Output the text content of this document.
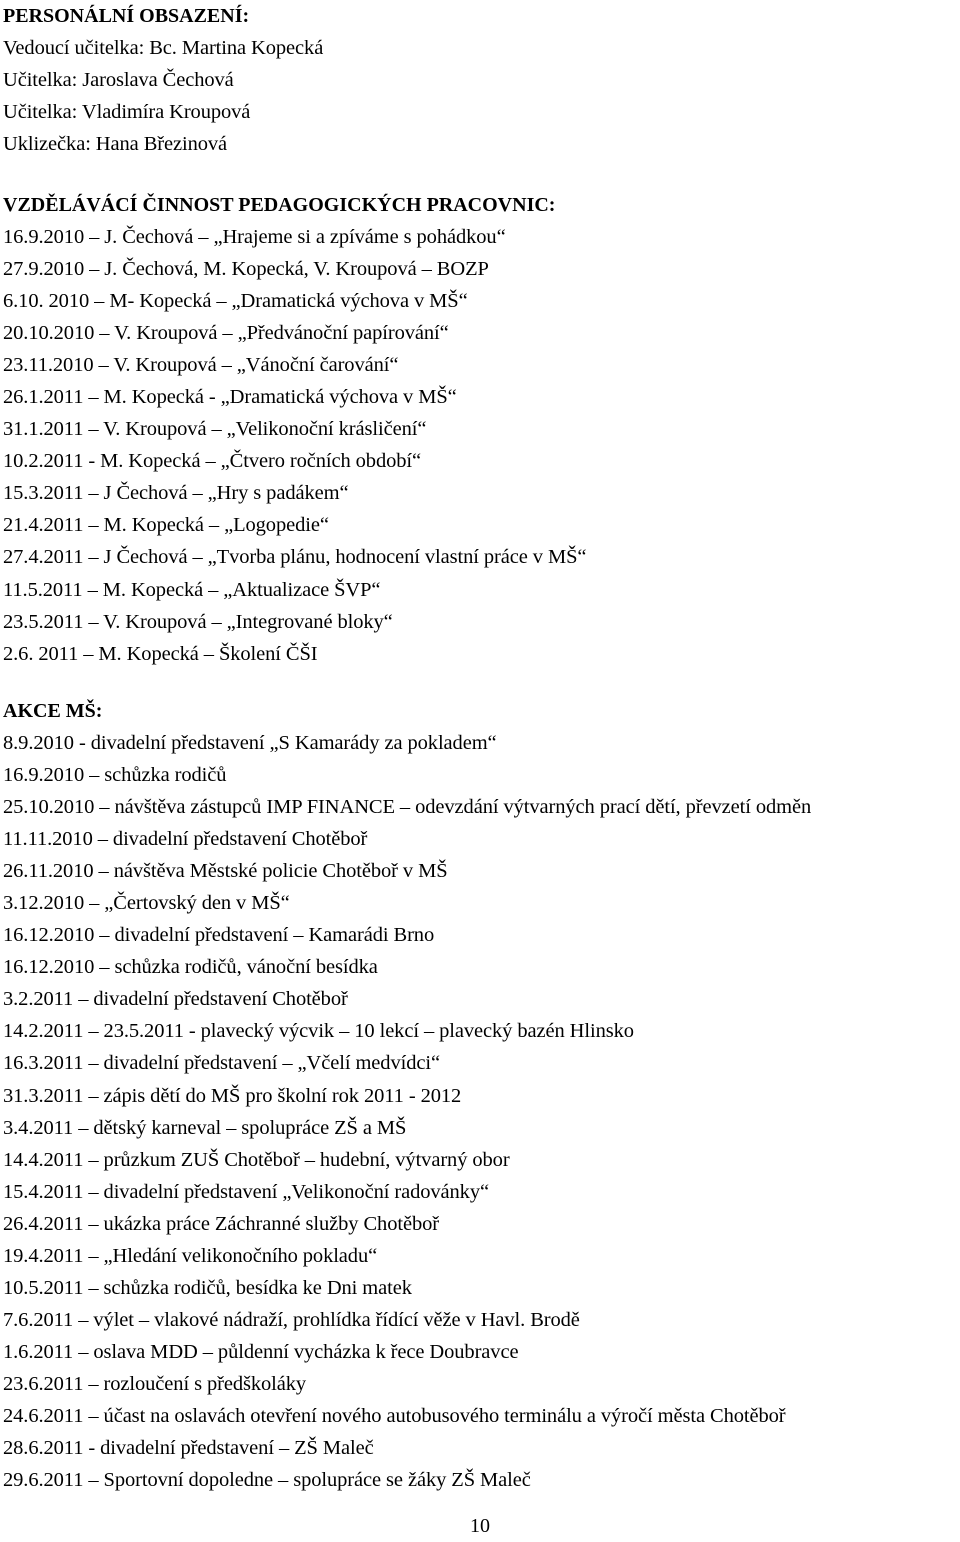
PERSONÁLNÍ OBSAZENÍ:
Vedoucí učitelka: Bc. Martina Kopecká
Učitelka: Jaroslava Čechová
Učitelka: Vladimíra Kroupová
Uklizečka: Hana Březinová
VZDĚLÁVÁCÍ ČINNOST PEDAGOGICKÝCH PRACOVNIC:
16.9.2010 – J. Čechová – „Hrajeme si a zpíváme s pohádkou“
27.9.2010 – J. Čechová, M. Kopecká, V. Kroupová – BOZP
6.10. 2010 – M- Kopecká – „Dramatická výchova v MŠ“
20.10.2010 – V. Kroupová – „Předvánoční papírování“
23.11.2010 – V. Kroupová – „Vánoční čarování“
26.1.2011 – M. Kopecká - „Dramatická výchova v MŠ“
31.1.2011 – V. Kroupová – „Velikonoční krásličení“
10.2.2011 - M. Kopecká – „Čtvero ročních období“
15.3.2011 – J Čechová – „Hry s padákem“
21.4.2011 – M. Kopecká – „Logopedie“
27.4.2011 – J Čechová – „Tvorba plánu, hodnocení vlastní práce v MŠ“
11.5.2011 – M. Kopecká – „Aktualizace ŠVP“
23.5.2011 – V. Kroupová – „Integrované bloky“
2.6. 2011 – M. Kopecká – Školení ČŠI
AKCE MŠ:
8.9.2010 - divadelní představení „S Kamarády za pokladem“
16.9.2010 – schůzka rodičů
25.10.2010 – návštěva zástupců IMP FINANCE – odevzdání výtvarných prací dětí, převzetí odměn
11.11.2010 – divadelní představení Chotěboř
26.11.2010 – návštěva Městské policie Chotěboř v MŠ
3.12.2010 – „Čertovský den v MŠ“
16.12.2010 – divadelní představení – Kamarádi Brno
16.12.2010 – schůzka rodičů, vánoční besídka
3.2.2011 – divadelní představení Chotěboř
14.2.2011 – 23.5.2011 - plavecký výcvik – 10 lekcí – plavecký bazén Hlinsko
16.3.2011 – divadelní představení – „Včelí medvídci“
31.3.2011 – zápis dětí do MŠ pro školní rok 2011 - 2012
3.4.2011 – dětský karneval – spolupráce ZŠ a MŠ
14.4.2011 – průzkum ZUŠ Chotěboř – hudební, výtvarný obor
15.4.2011 – divadelní představení „Velikonoční radovánky“
26.4.2011 – ukázka práce Záchranné služby Chotěboř
19.4.2011 – „Hledání velikonočního pokladu“
10.5.2011 – schůzka rodičů, besídka ke Dni matek
7.6.2011 – výlet – vlakové nádraží, prohlídka řídící věže v Havl. Brodě
1.6.2011 – oslava MDD – půldenní vycházka k řece Doubravce
23.6.2011 – rozloučení s předškoláky
24.6.2011 – účast na oslavách otevření nového autobusového terminálu a výročí města Chotěboř
28.6.2011 - divadelní představení – ZŠ Maleč
29.6.2011 – Sportovní dopoledne – spolupráce se žáky ZŠ Maleč
10
